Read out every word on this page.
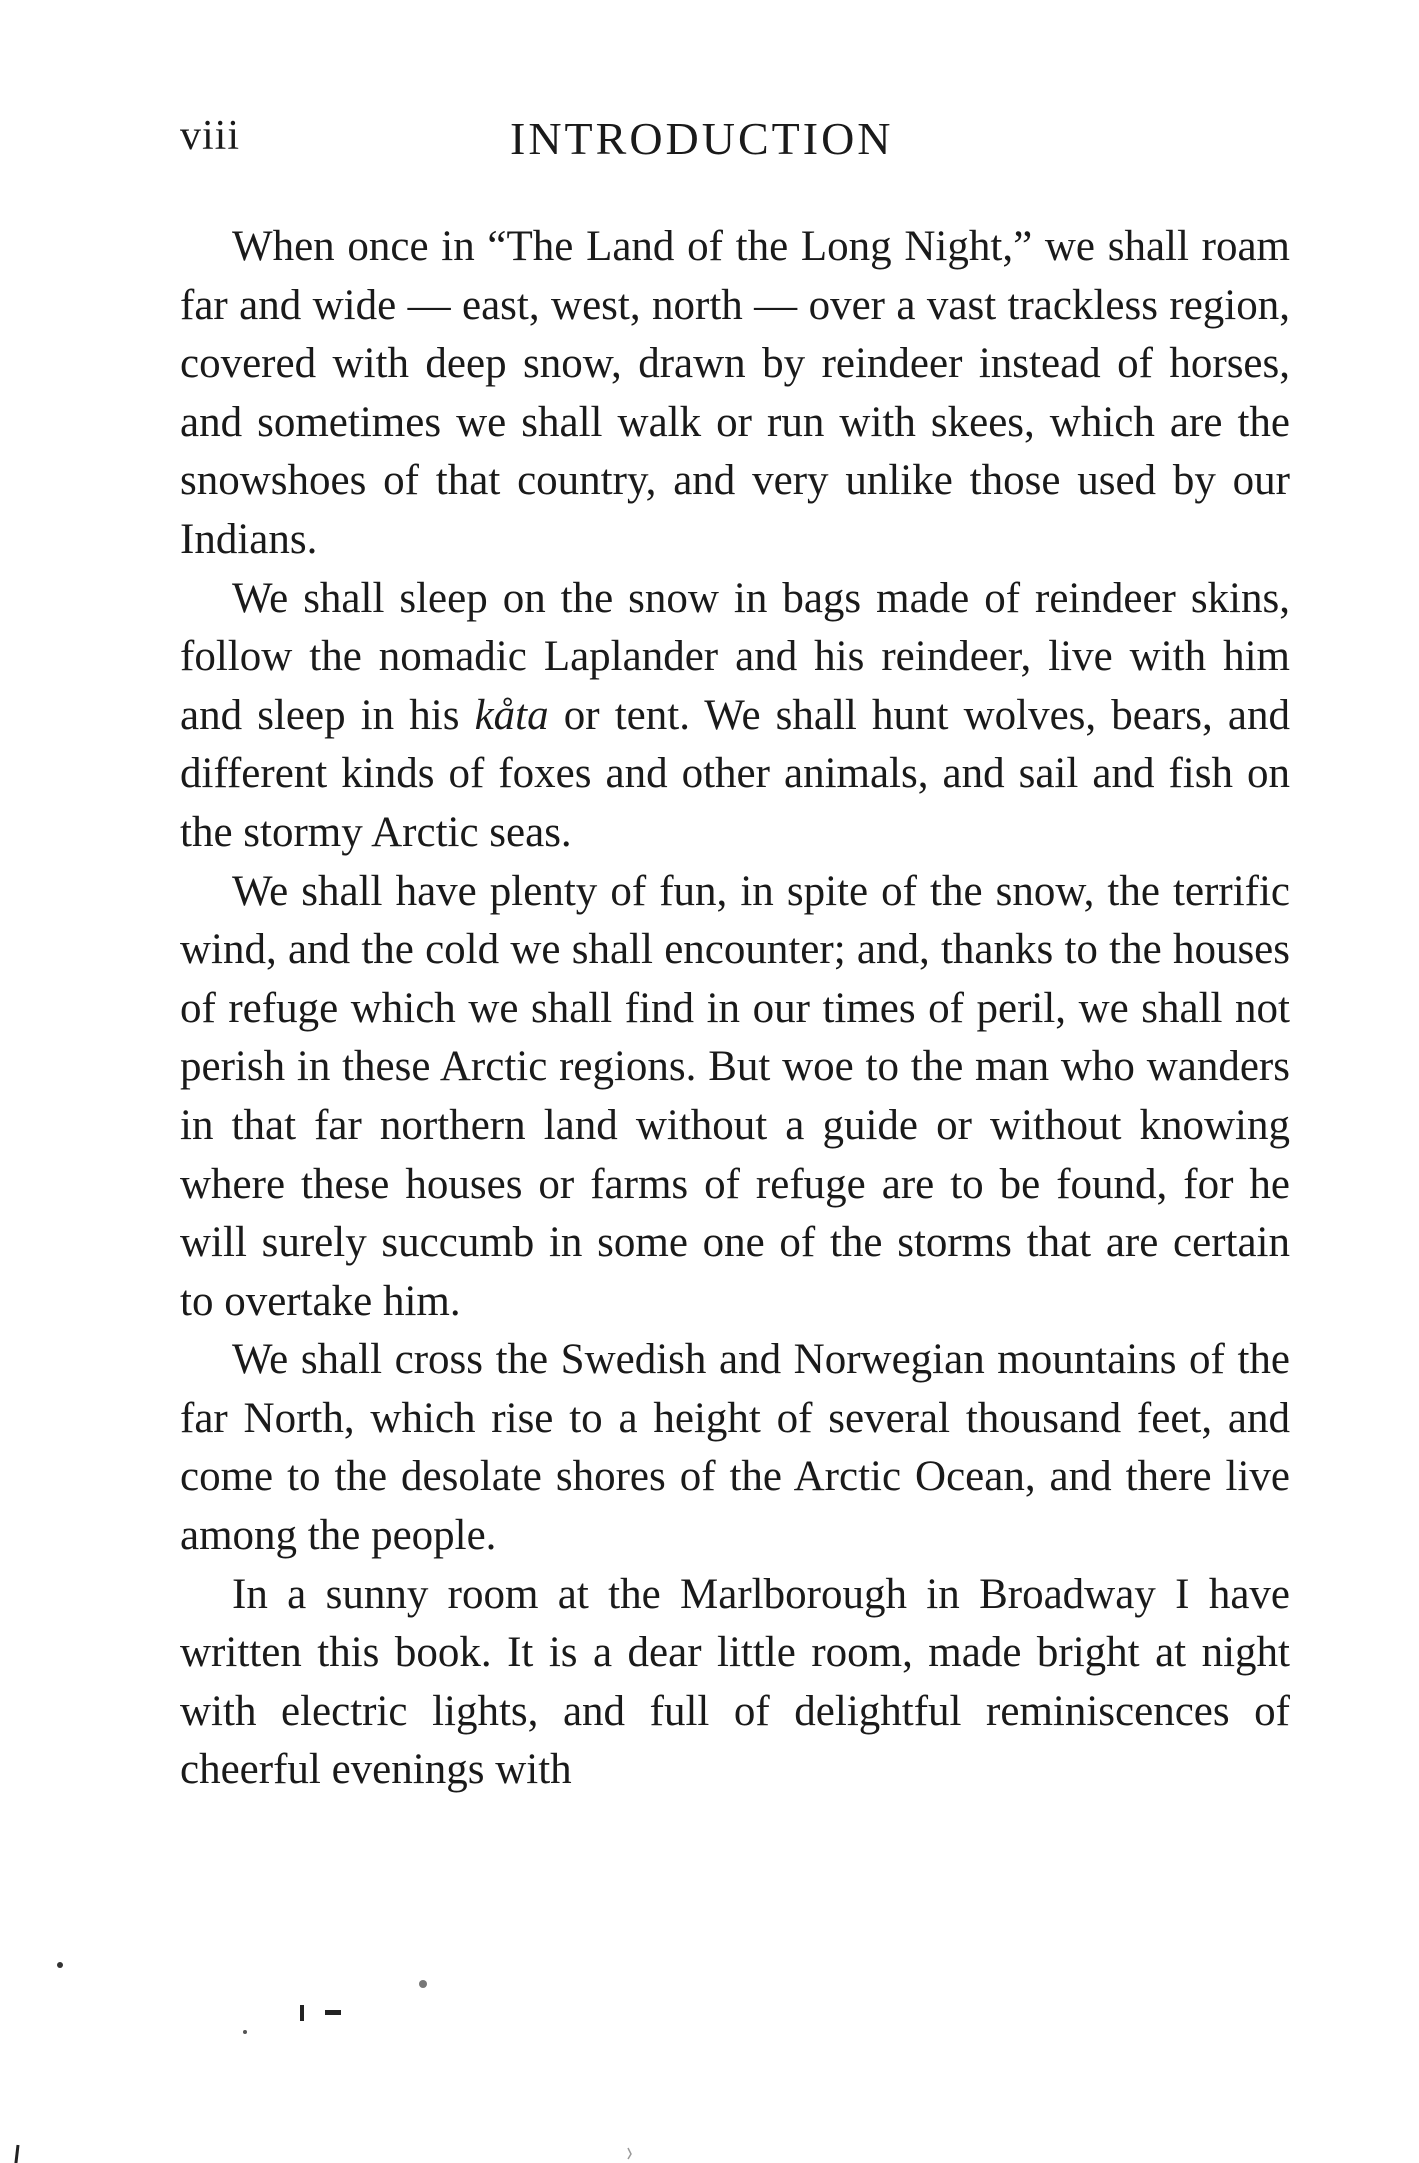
viii	INTRODUCTION

When once in “The Land of the Long Night,” we shall roam far and wide — east, west, north — over a vast trackless region, covered with deep snow, drawn by reindeer instead of horses, and sometimes we shall walk or run with skees, which are the snowshoes of that country, and very unlike those used by our Indians.

We shall sleep on the snow in bags made of reindeer skins, follow the nomadic Laplander and his reindeer, live with him and sleep in his kåta or tent. We shall hunt wolves, bears, and different kinds of foxes and other animals, and sail and fish on the stormy Arctic seas.

We shall have plenty of fun, in spite of the snow, the terrific wind, and the cold we shall encounter; and, thanks to the houses of refuge which we shall find in our times of peril, we shall not perish in these Arctic regions. But woe to the man who wanders in that far northern land without a guide or without knowing where these houses or farms of refuge are to be found, for he will surely succumb in some one of the storms that are certain to overtake him.

We shall cross the Swedish and Norwegian mountains of the far North, which rise to a height of several thousand feet, and come to the desolate shores of the Arctic Ocean, and there live among the people.

In a sunny room at the Marlborough in Broadway I have written this book. It is a dear little room, made bright at night with electric lights, and full of delightful reminiscences of cheerful evenings with
